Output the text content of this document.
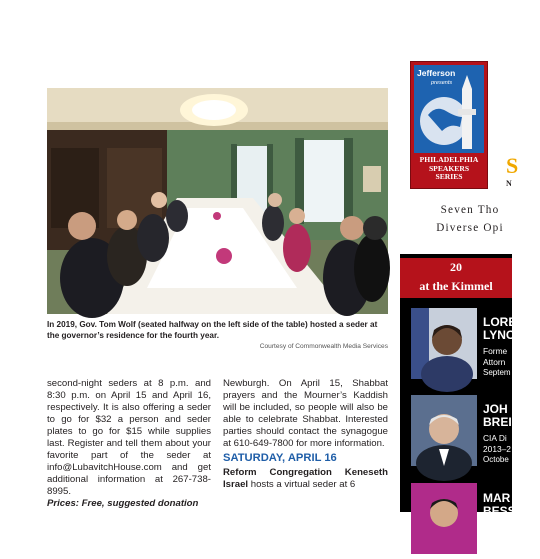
In 2019, Gov. Tom Wolf (seated halfway on the left side of the table) hosted a seder at the governor’s residence for the fourth year.
Courtesy of Commonwealth Media Services

second-night seders at 8 p.m. and 8:30 p.m. on April 15 and April 16, respectively. It is also offering a seder to go for $32 a person and seder plates to go for $15 while supplies last. Register and tell them about your favorite part of the seder at info@LubavitchHouse.com and get additional information at 267-738-8995.

Prices: Free, suggested donation

Newburgh. On April 15, Shabbat prayers and the Mourner’s Kaddish will be included, so people will also be able to celebrate Shabbat. Interested parties should contact the synagogue at 610-649-7800 for more information.

SATURDAY, APRIL 16

Reform Congregation Keneseth Israel hosts a virtual seder at 6

Jefferson
presents
PHILADELPHIA
SPEAKERS
SERIES	S
N
Seven Tho
Diverse Opi
20
at the Kimmel
LORE
LYNC
Forme
Attorn
Septem
JOH
BREI
CIA Di
2013–2
Octobe
MAR
BESS
